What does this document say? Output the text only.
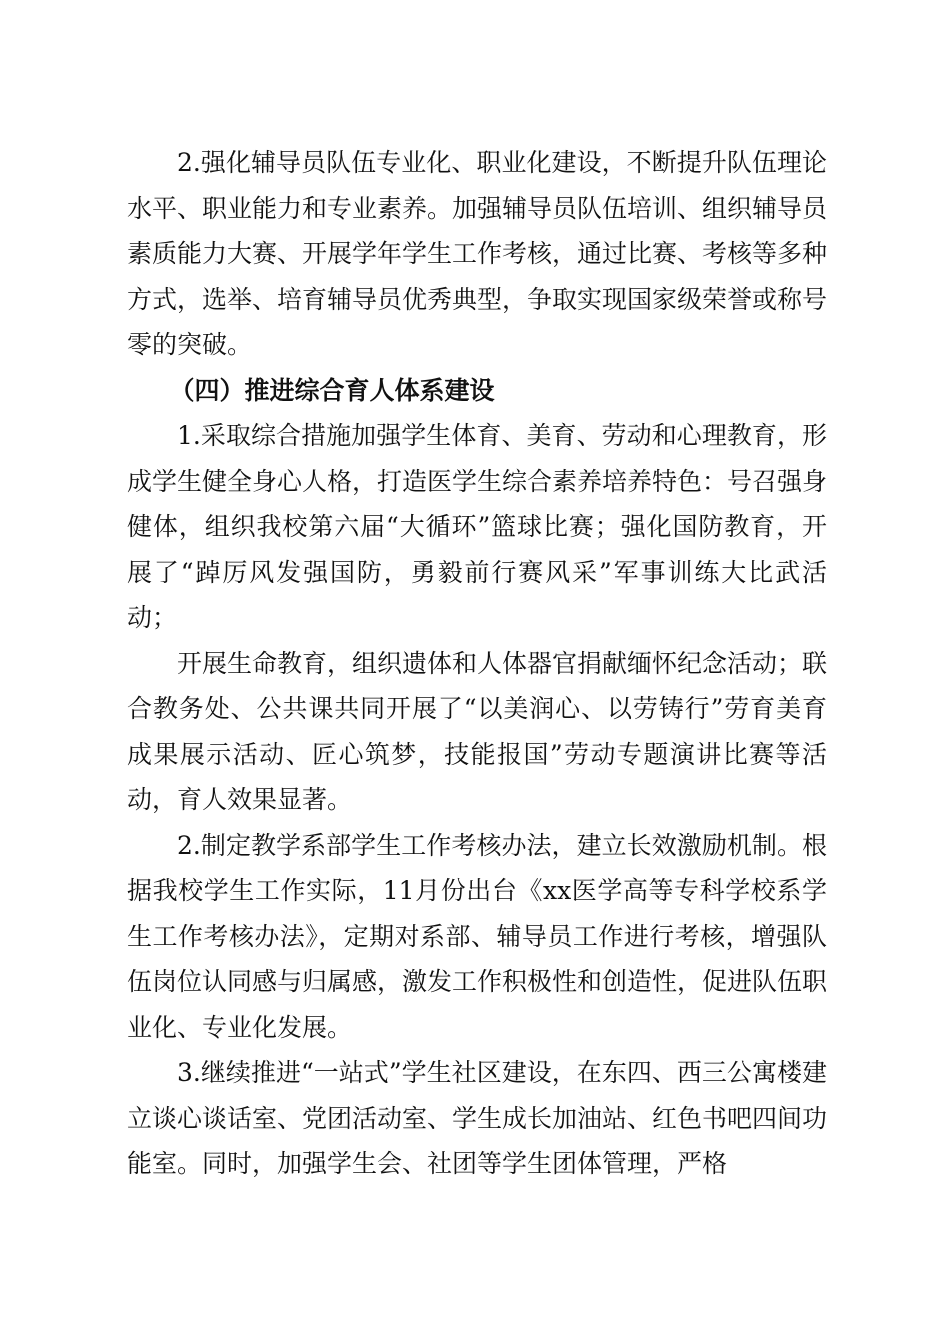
2.强化辅导员队伍专业化、职业化建设，不断提升队伍理论水平、职业能力和专业素养。加强辅导员队伍培训、组织辅导员素质能力大赛、开展学年学生工作考核，通过比赛、考核等多种方式，选举、培育辅导员优秀典型，争取实现国家级荣誉或称号零的突破。

（四）推进综合育人体系建设

1.采取综合措施加强学生体育、美育、劳动和心理教育，形成学生健全身心人格，打造医学生综合素养培养特色：号召强身健体，组织我校第六届“大循环”篮球比赛；强化国防教育，开展了“踔厉风发强国防，勇毅前行赛风采”军事训练大比武活动；

开展生命教育，组织遗体和人体器官捐献缅怀纪念活动；联合教务处、公共课共同开展了“以美润心、以劳铸行”劳育美育成果展示活动、匠心筑梦，技能报国”劳动专题演讲比赛等活动，育人效果显著。

2.制定教学系部学生工作考核办法，建立长效激励机制。根据我校学生工作实际，11月份出台《xx医学高等专科学校系学生工作考核办法》，定期对系部、辅导员工作进行考核，增强队伍岗位认同感与归属感，激发工作积极性和创造性，促进队伍职业化、专业化发展。

3.继续推进“一站式”学生社区建设，在东四、西三公寓楼建立谈心谈话室、党团活动室、学生成长加油站、红色书吧四间功能室。同时，加强学生会、社团等学生团体管理，严格
